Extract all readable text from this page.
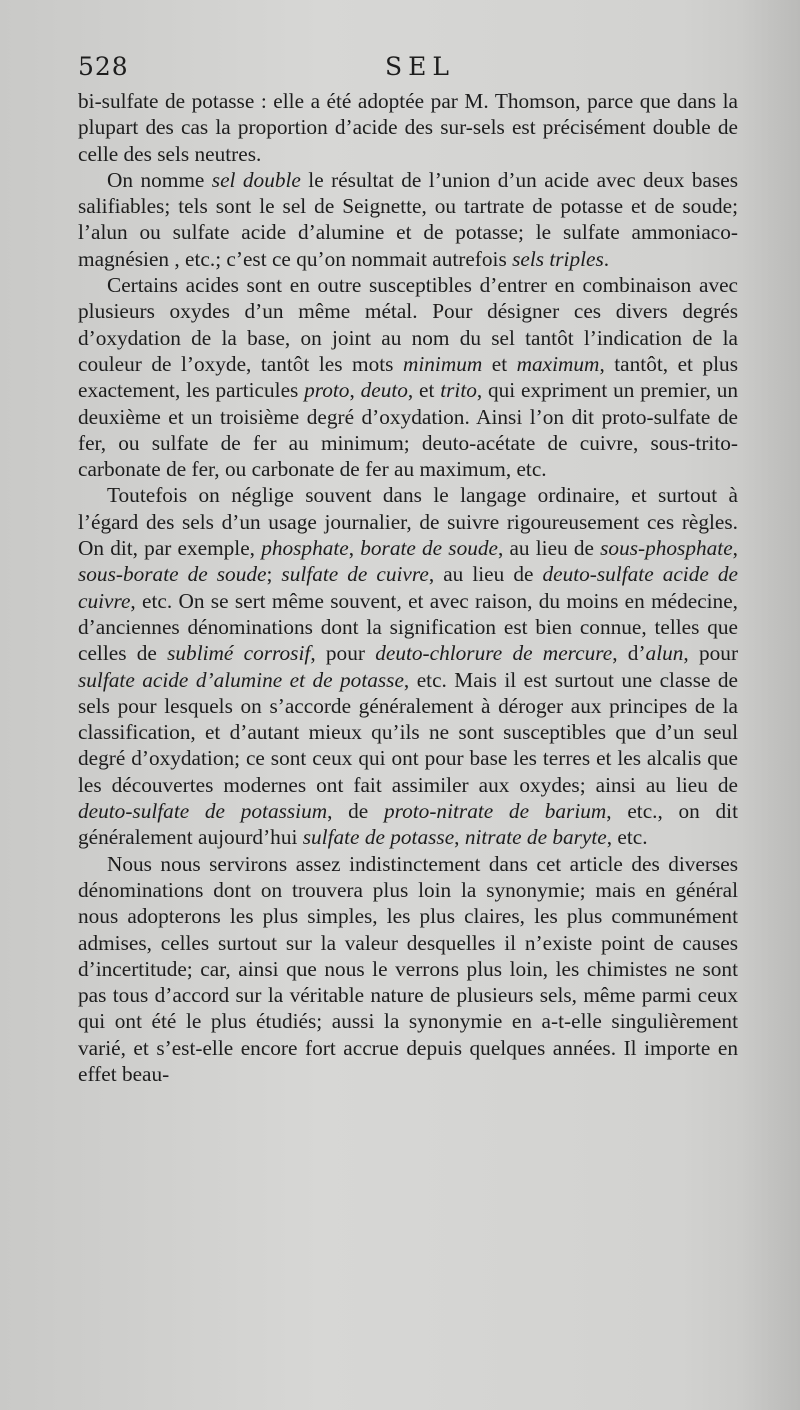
528	SEL

bi-sulfate de potasse : elle a été adoptée par M. Thomson, parce que dans la plupart des cas la proportion d’acide des sur-sels est précisément double de celle des sels neutres.

On nomme sel double le résultat de l’union d’un acide avec deux bases salifiables; tels sont le sel de Seignette, ou tartrate de potasse et de soude; l’alun ou sulfate acide d’alumine et de potasse; le sulfate ammoniaco-magnésien , etc.; c’est ce qu’on nommait autrefois sels triples.

Certains acides sont en outre susceptibles d’entrer en combinaison avec plusieurs oxydes d’un même métal. Pour désigner ces divers degrés d’oxydation de la base, on joint au nom du sel tantôt l’indication de la couleur de l’oxyde, tantôt les mots minimum et maximum, tantôt, et plus exactement, les particules proto, deuto, et trito, qui expriment un premier, un deuxième et un troisième degré d’oxydation. Ainsi l’on dit proto-sulfate de fer, ou sulfate de fer au minimum; deuto-acétate de cuivre, sous-trito-carbonate de fer, ou carbonate de fer au maximum, etc.

Toutefois on néglige souvent dans le langage ordinaire, et surtout à l’égard des sels d’un usage journalier, de suivre rigoureusement ces règles. On dit, par exemple, phosphate, borate de soude, au lieu de sous-phosphate, sous-borate de soude; sulfate de cuivre, au lieu de deuto-sulfate acide de cuivre, etc. On se sert même souvent, et avec raison, du moins en médecine, d’anciennes dénominations dont la signification est bien connue, telles que celles de sublimé corrosif, pour deuto-chlorure de mercure, d’alun, pour sulfate acide d’alumine et de potasse, etc. Mais il est surtout une classe de sels pour lesquels on s’accorde généralement à déroger aux principes de la classification, et d’autant mieux qu’ils ne sont susceptibles que d’un seul degré d’oxydation; ce sont ceux qui ont pour base les terres et les alcalis que les découvertes modernes ont fait assimiler aux oxydes; ainsi au lieu de deuto-sulfate de potassium, de proto-nitrate de barium, etc., on dit généralement aujourd’hui sulfate de potasse, nitrate de baryte, etc.

Nous nous servirons assez indistinctement dans cet article des diverses dénominations dont on trouvera plus loin la synonymie; mais en général nous adopterons les plus simples, les plus claires, les plus communément admises, celles surtout sur la valeur desquelles il n’existe point de causes d’incertitude; car, ainsi que nous le verrons plus loin, les chimistes ne sont pas tous d’accord sur la véritable nature de plusieurs sels, même parmi ceux qui ont été le plus étudiés; aussi la synonymie en a-t-elle singulièrement varié, et s’est-elle encore fort accrue depuis quelques années. Il importe en effet beau-
